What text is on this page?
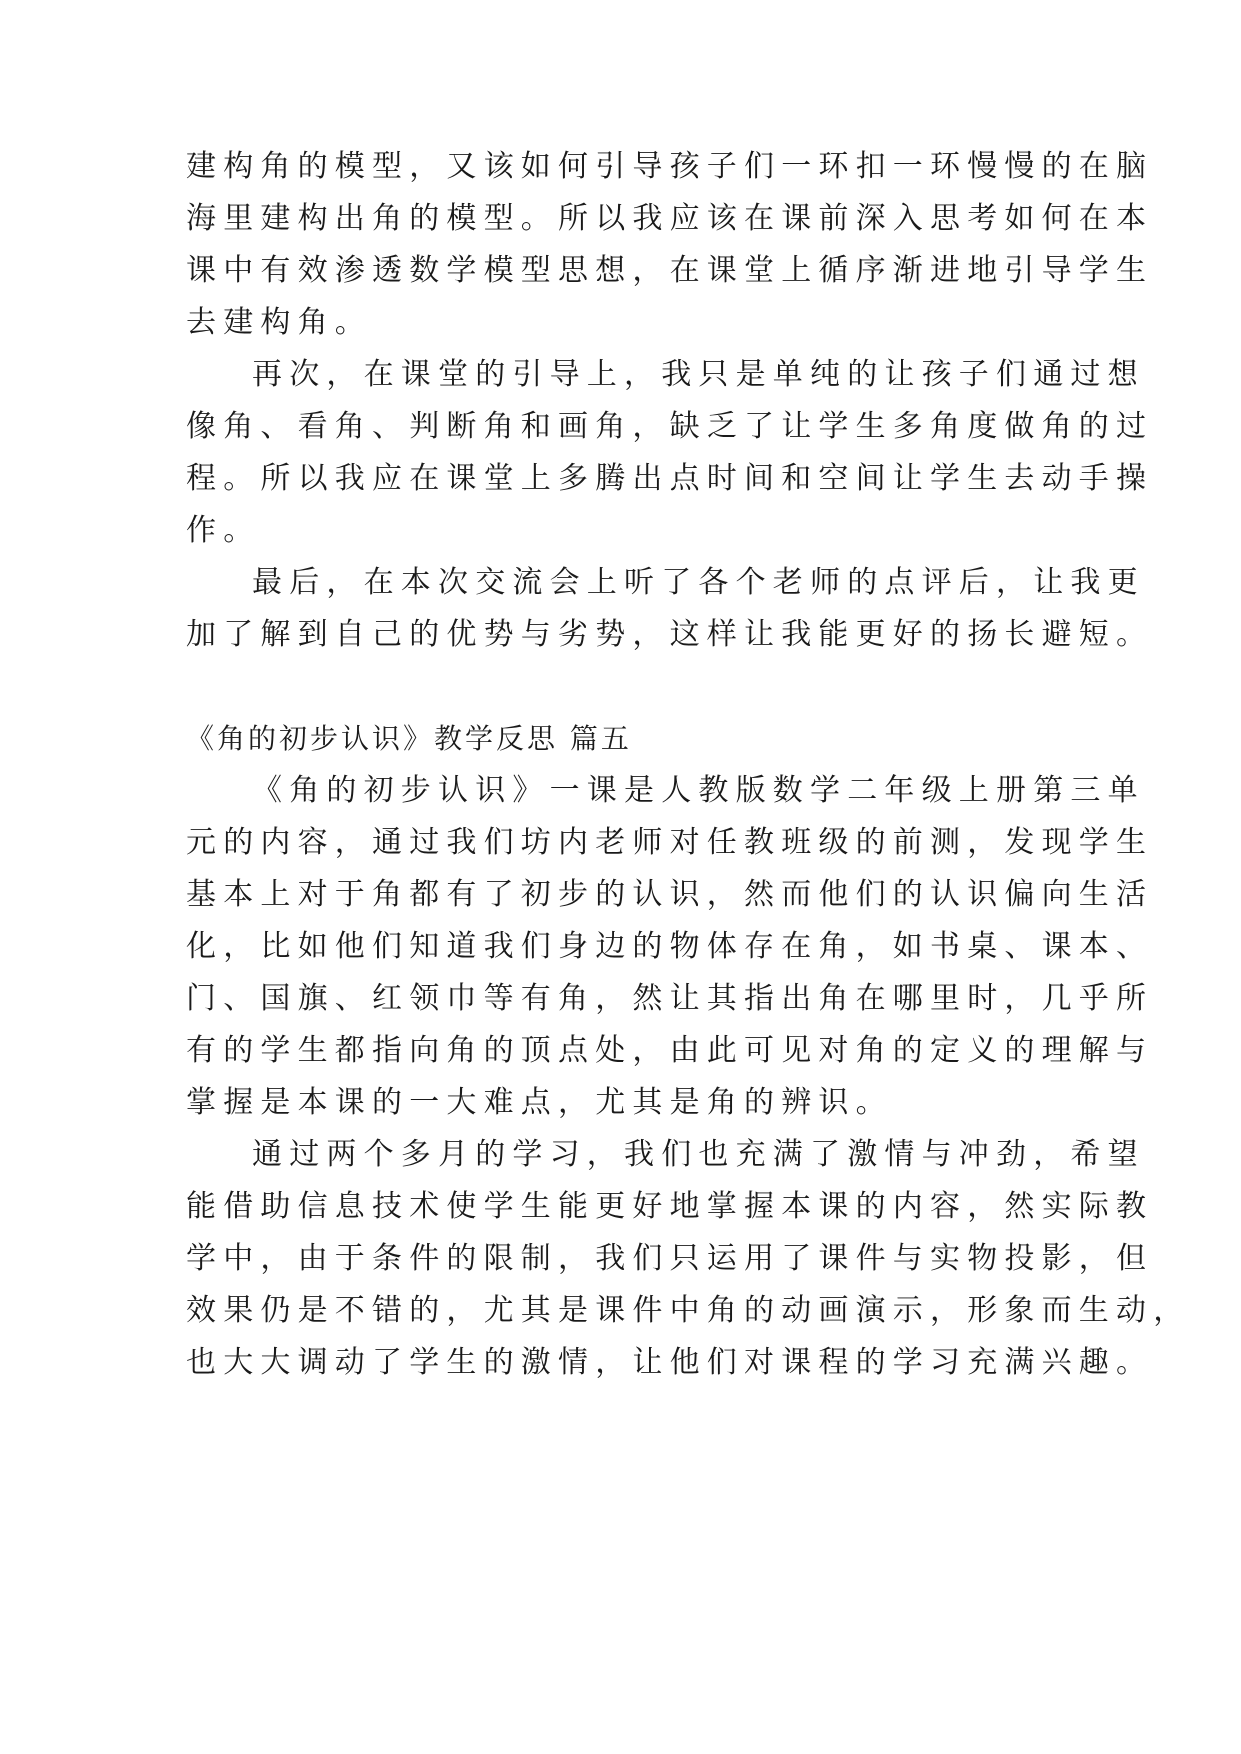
建构角的模型，又该如何引导孩子们一环扣一环慢慢的在脑
海里建构出角的模型。所以我应该在课前深入思考如何在本
课中有效渗透数学模型思想，在课堂上循序渐进地引导学生
去建构角。
再次，在课堂的引导上，我只是单纯的让孩子们通过想
像角、看角、判断角和画角，缺乏了让学生多角度做角的过
程。所以我应在课堂上多腾出点时间和空间让学生去动手操
作。
最后，在本次交流会上听了各个老师的点评后，让我更
加了解到自己的优势与劣势，这样让我能更好的扬长避短。
《角的初步认识》教学反思 篇五
《角的初步认识》一课是人教版数学二年级上册第三单
元的内容，通过我们坊内老师对任教班级的前测，发现学生
基本上对于角都有了初步的认识，然而他们的认识偏向生活
化，比如他们知道我们身边的物体存在角，如书桌、课本、
门、国旗、红领巾等有角，然让其指出角在哪里时，几乎所
有的学生都指向角的顶点处，由此可见对角的定义的理解与
掌握是本课的一大难点，尤其是角的辨识。
通过两个多月的学习，我们也充满了激情与冲劲，希望
能借助信息技术使学生能更好地掌握本课的内容，然实际教
学中，由于条件的限制，我们只运用了课件与实物投影，但
效果仍是不错的，尤其是课件中角的动画演示，形象而生动，
也大大调动了学生的激情，让他们对课程的学习充满兴趣。
